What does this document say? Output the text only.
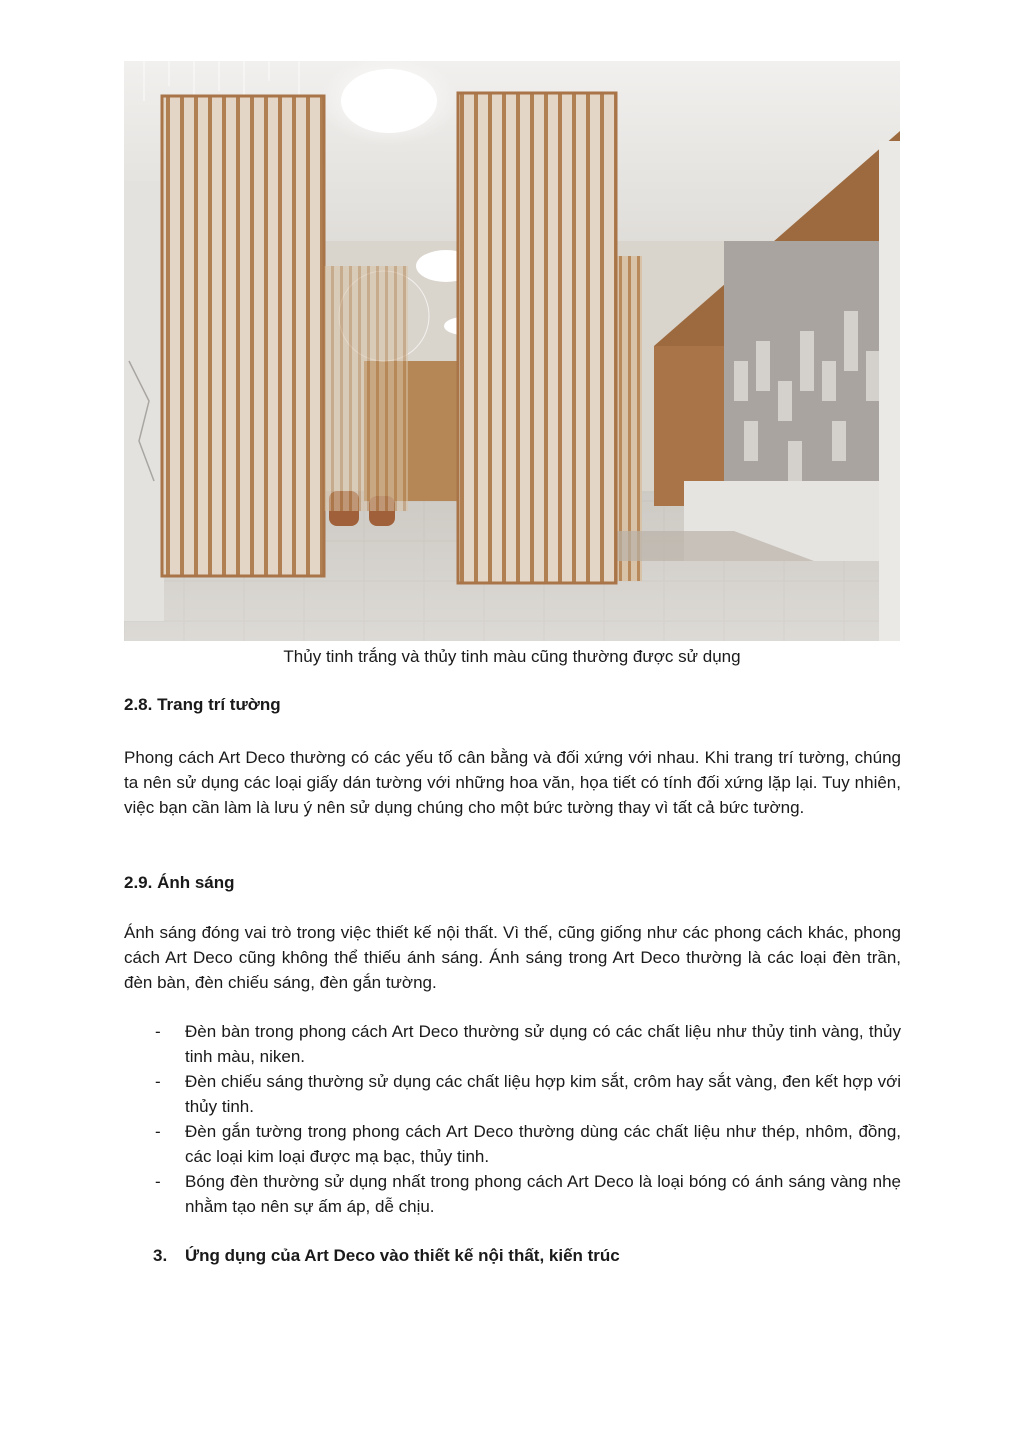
Thủy tinh trắng và thủy tinh màu cũng thường được sử dụng
2.8. Trang trí tường

Phong cách Art Deco thường có các yếu tố cân bằng và đối xứng với nhau. Khi trang trí tường, chúng ta nên sử dụng các loại giấy dán tường với những hoa văn, họa tiết có tính đối xứng lặp lại. Tuy nhiên, việc bạn cần làm là lưu ý nên sử dụng chúng cho một bức tường thay vì tất cả bức tường.

2.9. Ánh sáng

Ánh sáng đóng vai trò trong việc thiết kế nội thất. Vì thế, cũng giống như các phong cách khác, phong cách Art Deco cũng không thể thiếu ánh sáng. Ánh sáng trong Art Deco thường là các loại đèn trần, đèn bàn, đèn chiếu sáng, đèn gắn tường.

- Đèn bàn trong phong cách Art Deco thường sử dụng có các chất liệu như thủy tinh vàng, thủy tinh màu, niken.
- Đèn chiếu sáng thường sử dụng các chất liệu hợp kim sắt, crôm hay sắt vàng, đen kết hợp với thủy tinh.
- Đèn gắn tường trong phong cách Art Deco thường dùng các chất liệu như thép, nhôm, đồng, các loại kim loại được mạ bạc, thủy tinh.
- Bóng đèn thường sử dụng nhất trong phong cách Art Deco là loại bóng có ánh sáng vàng nhẹ nhằm tạo nên sự ấm áp, dễ chịu.
3. Ứng dụng của Art Deco vào thiết kế nội thất, kiến trúc
